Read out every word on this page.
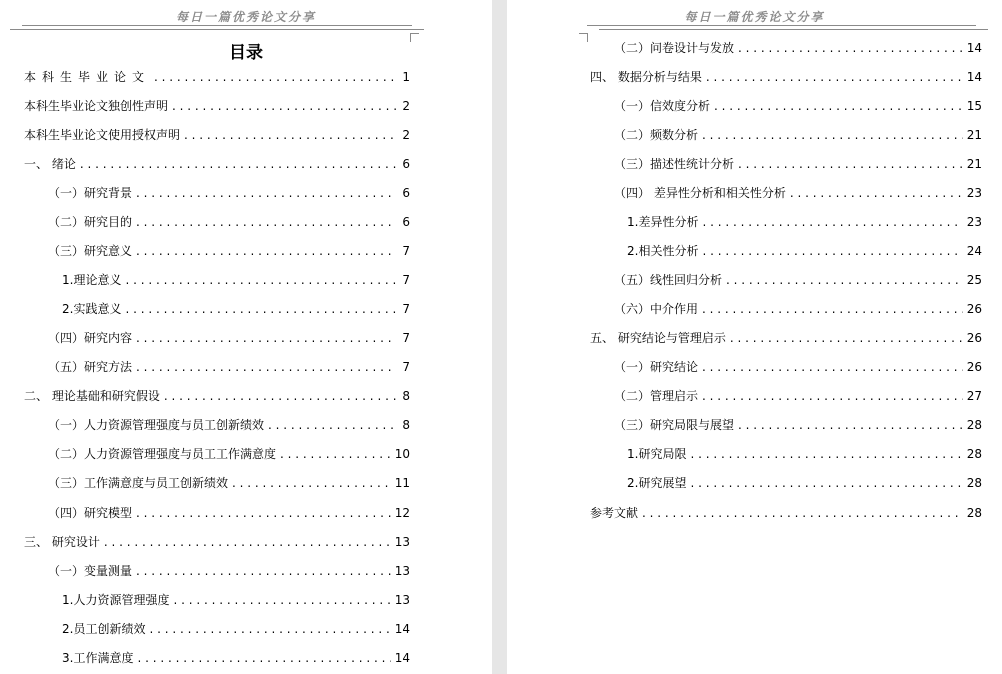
每日一篇优秀论文分享
目录
本科生毕业论文 . . .	1
本科生毕业论文独创性声明 . . .	2
本科生毕业论文使用授权声明 . . .	2
一、 绪论 . . .	6
（一）研究背景 . . .	6
（二）研究目的 . . .	6
（三）研究意义 . . .	7
1.理论意义 . . .	7
2.实践意义 . . .	7
（四）研究内容 . . .	7
（五）研究方法 . . .	7
二、 理论基础和研究假设 . . .	8
（一）人力资源管理强度与员工创新绩效 . . .	8
（二）人力资源管理强度与员工工作满意度 . . .	10
（三）工作满意度与员工创新绩效 . . .	11
（四）研究模型 . . .	12
三、 研究设计 . . .	13
（一）变量测量 . . .	13
1.人力资源管理强度 . . .	13
2.员工创新绩效 . . .	14
3.工作满意度 . . .	14
每日一篇优秀论文分享
（二）问卷设计与发放 . . .	14
四、 数据分析与结果 . . .	14
（一）信效度分析 . . .	15
（二）频数分析 . . .	21
（三）描述性统计分析 . . .	21
（四） 差异性分析和相关性分析 . . .	23
1.差异性分析 . . .	23
2.相关性分析 . . .	24
（五）线性回归分析 . . .	25
（六）中介作用 . . .	26
五、 研究结论与管理启示 . . .	26
（一）研究结论 . . .	26
（二）管理启示 . . .	27
（三）研究局限与展望 . . .	28
1.研究局限 . . .	28
2.研究展望 . . .	28
参考文献 . . .	28
